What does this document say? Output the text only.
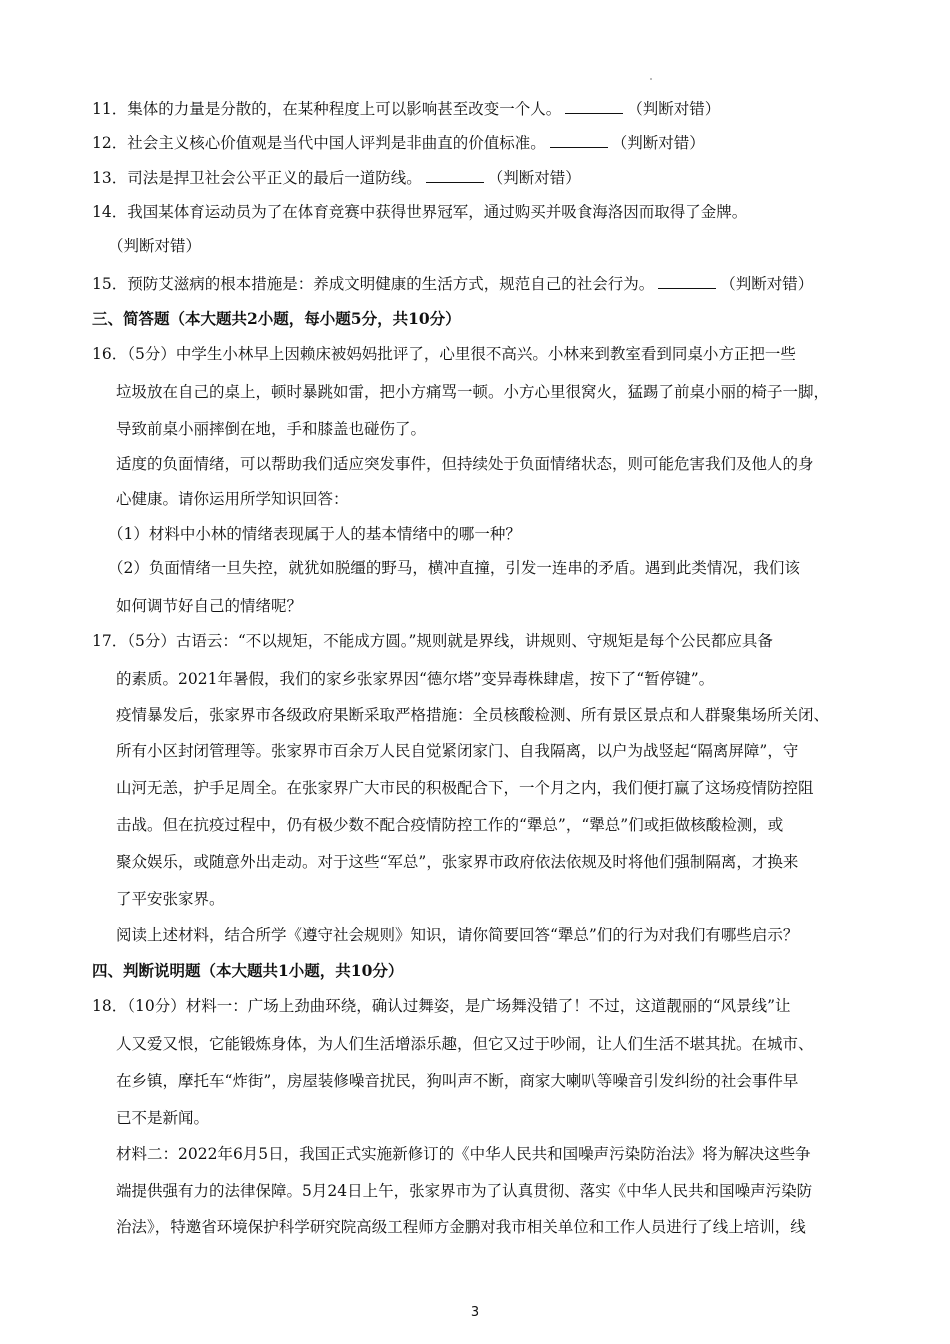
11．集体的力量是分散的，在某种程度上可以影响甚至改变一个人。	（判断对错）
12．社会主义核心价值观是当代中国人评判是非曲直的价值标准。	（判断对错）
13．司法是捍卫社会公平正义的最后一道防线。	（判断对错）
14．我国某体育运动员为了在体育竞赛中获得世界冠军，通过购买并吸食海洛因而取得了金牌。
（判断对错）
15．预防艾滋病的根本措施是：养成文明健康的生活方式，规范自己的社会行为。	（判断对错）
三、简答题（本大题共2小题，每小题5分，共10分）
16．（5分）中学生小林早上因赖床被妈妈批评了，心里很不高兴。小林来到教室看到同桌小方正把一些
垃圾放在自己的桌上，顿时暴跳如雷，把小方痛骂一顿。小方心里很窝火，猛踢了前桌小丽的椅子一脚，
导致前桌小丽摔倒在地，手和膝盖也碰伤了。
适度的负面情绪，可以帮助我们适应突发事件，但持续处于负面情绪状态，则可能危害我们及他人的身
心健康。请你运用所学知识回答：
（1）材料中小林的情绪表现属于人的基本情绪中的哪一种？
（2）负面情绪一旦失控，就犹如脱缰的野马，横冲直撞，引发一连串的矛盾。遇到此类情况，我们该
如何调节好自己的情绪呢？
17．（5分）古语云：“不以规矩，不能成方圆。”规则就是界线，讲规则、守规矩是每个公民都应具备
的素质。2021年暑假，我们的家乡张家界因“德尔塔”变异毒株肆虐，按下了“暂停键”。
疫情暴发后，张家界市各级政府果断采取严格措施：全员核酸检测、所有景区景点和人群聚集场所关闭、
所有小区封闭管理等。张家界市百余万人民自觉紧闭家门、自我隔离，以户为战竖起“隔离屏障”，守
山河无恙，护手足周全。在张家界广大市民的积极配合下，一个月之内，我们便打赢了这场疫情防控阻
击战。但在抗疫过程中，仍有极少数不配合疫情防控工作的“犟总”，“犟总”们或拒做核酸检测，或
聚众娱乐，或随意外出走动。对于这些“军总”，张家界市政府依法依规及时将他们强制隔离，才换来
了平安张家界。
阅读上述材料，结合所学《遵守社会规则》知识，请你简要回答“犟总”们的行为对我们有哪些启示？
四、判断说明题（本大题共1小题，共10分）
18．（10分）材料一：广场上劲曲环绕，确认过舞姿，是广场舞没错了！不过，这道靓丽的“风景线”让
人又爱又恨，它能锻炼身体，为人们生活增添乐趣，但它又过于吵闹，让人们生活不堪其扰。在城市、
在乡镇，摩托车“炸街”，房屋装修噪音扰民，狗叫声不断，商家大喇叭等噪音引发纠纷的社会事件早
已不是新闻。
材料二：2022年6月5日，我国正式实施新修订的《中华人民共和国噪声污染防治法》将为解决这些争
端提供强有力的法律保障。5月24日上午，张家界市为了认真贯彻、落实《中华人民共和国噪声污染防
治法》，特邀省环境保护科学研究院高级工程师方金鹏对我市相关单位和工作人员进行了线上培训，线
3
